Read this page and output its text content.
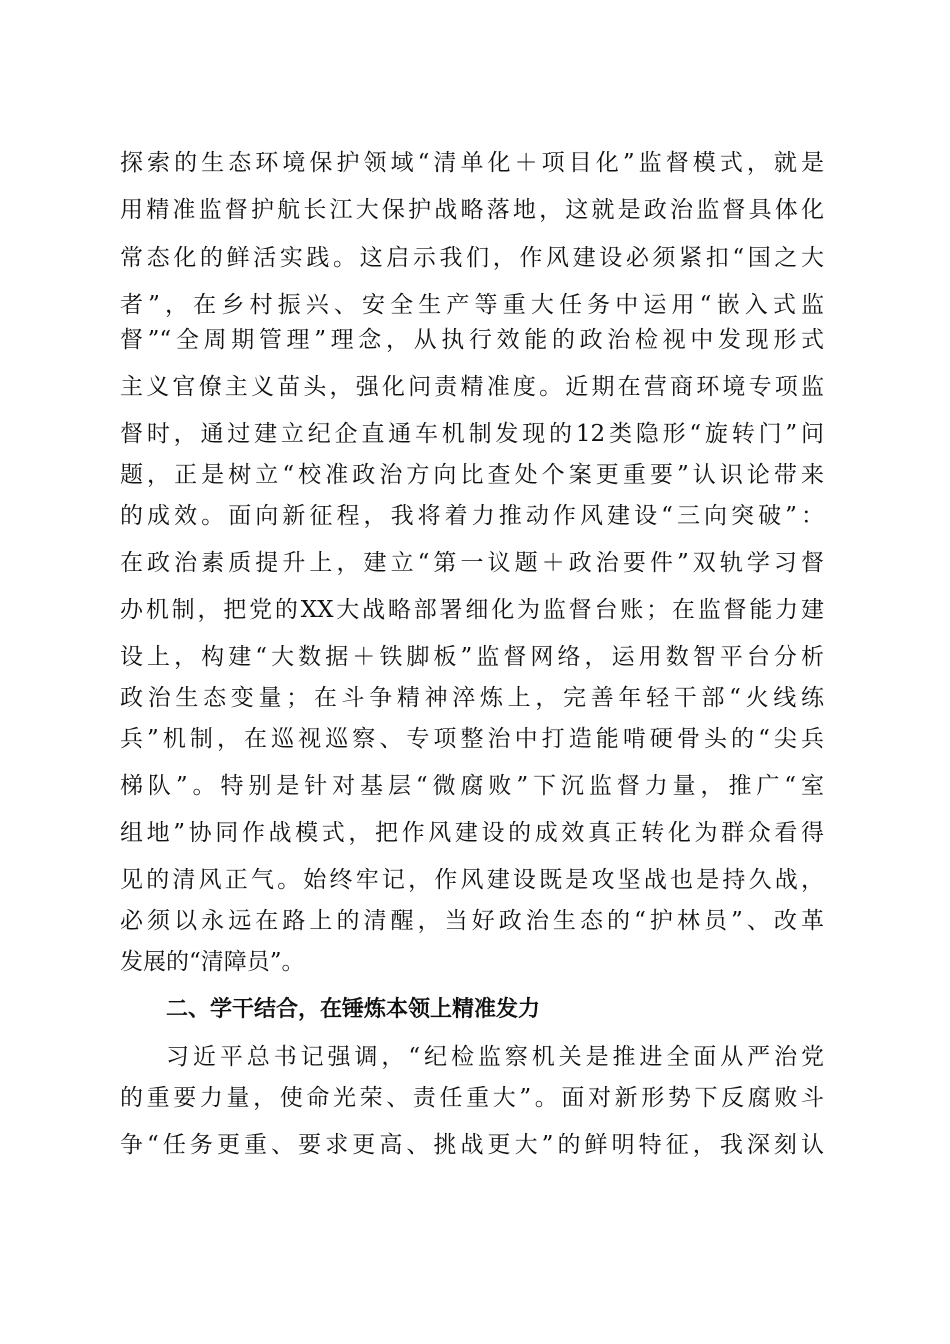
探索的生态环境保护领域“清单化＋项目化”监督模式，就是
用精准监督护航长江大保护战略落地，这就是政治监督具体化
常态化的鲜活实践。这启示我们，作风建设必须紧扣“国之大
者”，在乡村振兴、安全生产等重大任务中运用“嵌入式监
督”“全周期管理”理念，从执行效能的政治检视中发现形式
主义官僚主义苗头，强化问责精准度。近期在营商环境专项监
督时，通过建立纪企直通车机制发现的12类隐形“旋转门”问
题，正是树立“校准政治方向比查处个案更重要”认识论带来
的成效。面向新征程，我将着力推动作风建设“三向突破”：
在政治素质提升上，建立“第一议题＋政治要件”双轨学习督
办机制，把党的XX大战略部署细化为监督台账；在监督能力建
设上，构建“大数据＋铁脚板”监督网络，运用数智平台分析
政治生态变量；在斗争精神淬炼上，完善年轻干部“火线练
兵”机制，在巡视巡察、专项整治中打造能啃硬骨头的“尖兵
梯队”。特别是针对基层“微腐败”下沉监督力量，推广“室
组地”协同作战模式，把作风建设的成效真正转化为群众看得
见的清风正气。始终牢记，作风建设既是攻坚战也是持久战，
必须以永远在路上的清醒，当好政治生态的“护林员”、改革
发展的“清障员”。
二、学干结合，在锤炼本领上精准发力
习近平总书记强调，“纪检监察机关是推进全面从严治党
的重要力量，使命光荣、责任重大”。面对新形势下反腐败斗
争“任务更重、要求更高、挑战更大”的鲜明特征，我深刻认
